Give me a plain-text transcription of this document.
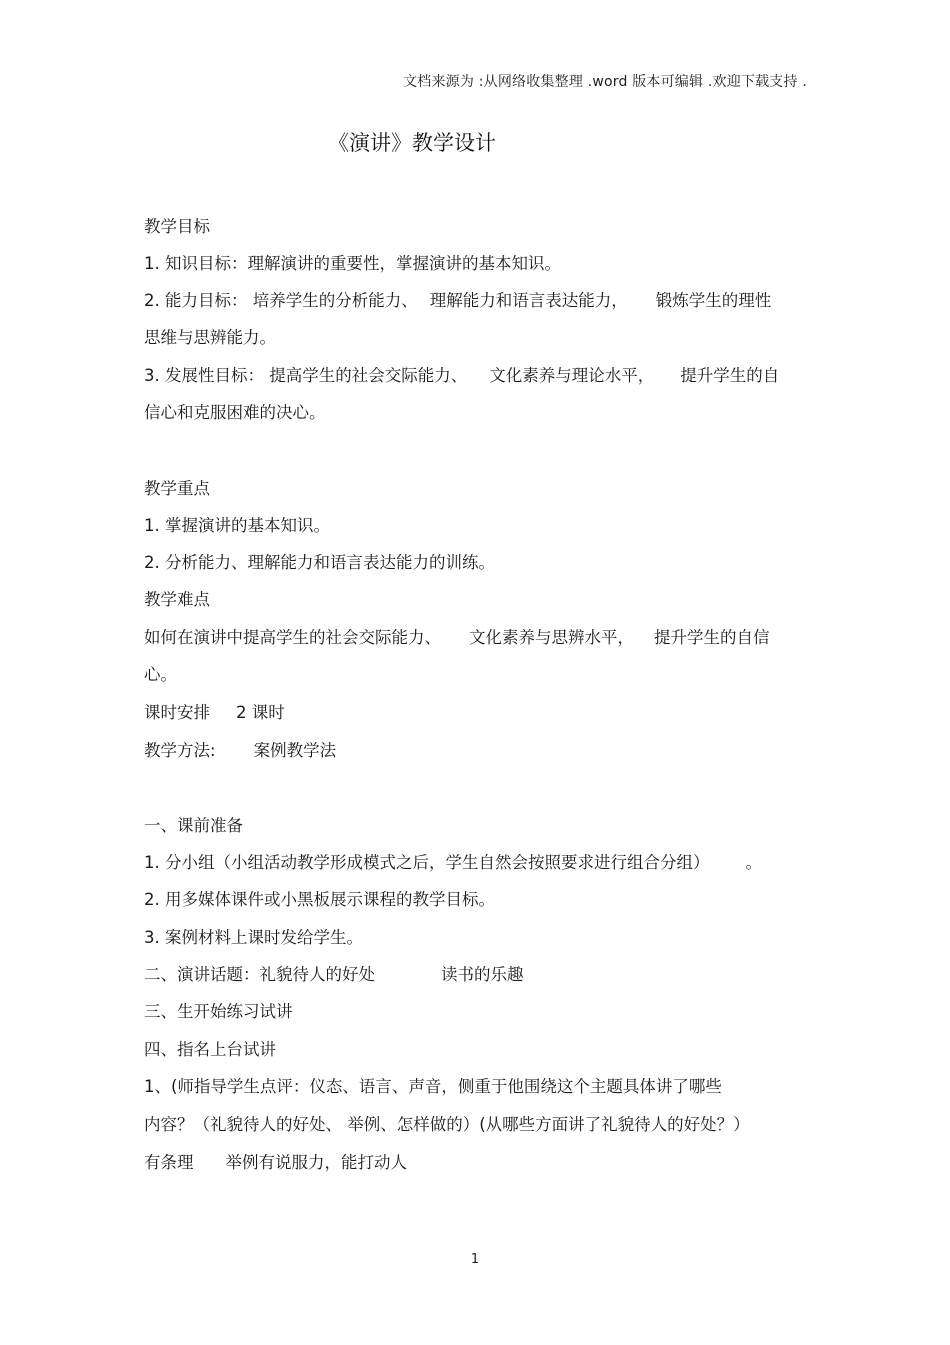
文档来源为 :从网络收集整理 .word 版本可编辑 .欢迎下载支持 .
《演讲》教学设计
教学目标
1. 知识目标：理解演讲的重要性，掌握演讲的基本知识。
2. 能力目标： 培养学生的分析能力、 理解能力和语言表达能力， 锻炼学生的理性
思维与思辨能力。
3. 发展性目标： 提高学生的社会交际能力、 文化素养与理论水平， 提升学生的自
信心和克服困难的决心。
教学重点
1. 掌握演讲的基本知识。
2. 分析能力、理解能力和语言表达能力的训练。
教学难点
如何在演讲中提高学生的社会交际能力、 文化素养与思辨水平， 提升学生的自信
心。
课时安排 2 课时
教学方法: 案例教学法
一、课前准备
1. 分小组（小组活动教学形成模式之后，学生自然会按照要求进行组合分组） 。
2. 用多媒体课件或小黑板展示课程的教学目标。
3. 案例材料上课时发给学生。
二、演讲话题：礼貌待人的好处	读书的乐趣
三、生开始练习试讲
四、指名上台试讲
1、(师指导学生点评：仪态、语言、声音，侧重于他围绕这个主题具体讲了哪些
内容？（礼貌待人的好处、 举例、怎样做的）(从哪些方面讲了礼貌待人的好处？）
有条理 举例有说服力，能打动人
1
